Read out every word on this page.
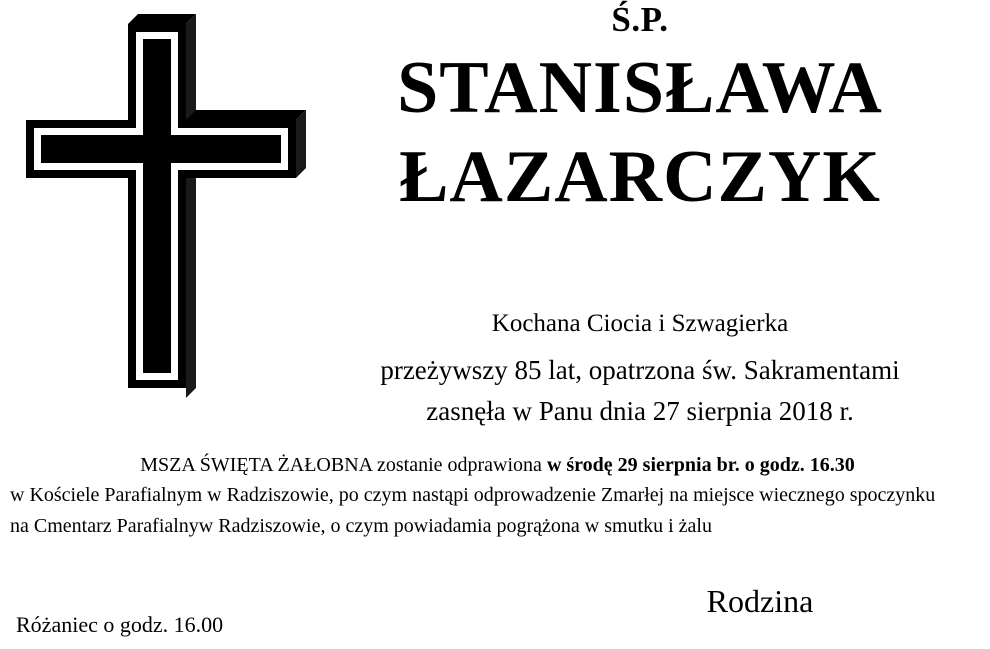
Ś.P.
STANISŁAWA
ŁAZARCZYK
Kochana Ciocia i Szwagierka
przeżywszy 85 lat, opatrzona św. Sakramentami
zasnęła w Panu dnia 27 sierpnia 2018 r.
MSZA ŚWIĘTA ŻAŁOBNA zostanie odprawiona w środę 29 sierpnia br. o godz. 16.30
w Kościele Parafialnym w Radziszowie, po czym nastąpi odprowadzenie Zmarłej na miejsce wiecznego spoczynku
na Cmentarz Parafialnyw Radziszowie, o czym powiadamia pogrążona w smutku i żalu
Rodzina
Różaniec o godz. 16.00
